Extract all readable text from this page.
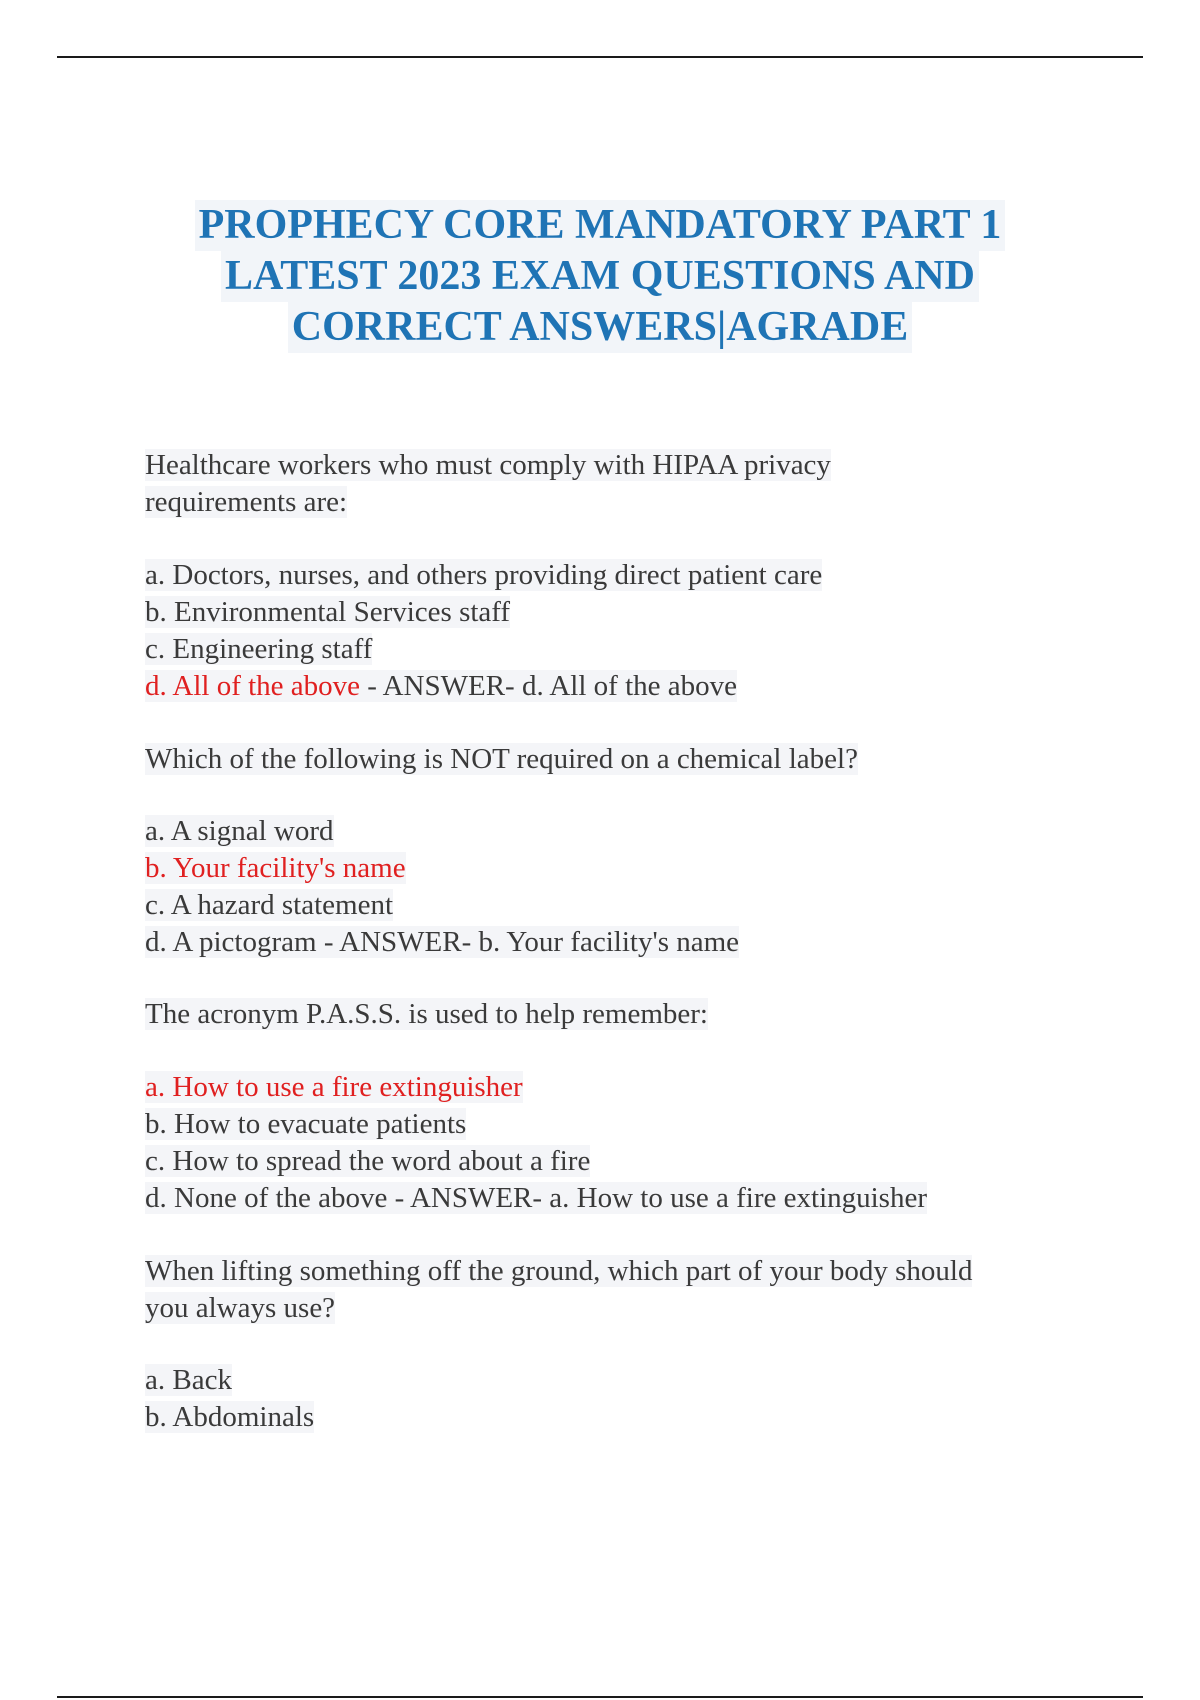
PROPHECY CORE MANDATORY PART 1
LATEST 2023 EXAM QUESTIONS AND
CORRECT ANSWERS|AGRADE
Healthcare workers who must comply with HIPAA privacy
requirements are:
a. Doctors, nurses, and others providing direct patient care
b. Environmental Services staff
c. Engineering staff
d. All of the above - ANSWER- d. All of the above
Which of the following is NOT required on a chemical label?
a. A signal word
b. Your facility's name
c. A hazard statement
d. A pictogram - ANSWER- b. Your facility's name
The acronym P.A.S.S. is used to help remember:
a. How to use a fire extinguisher
b. How to evacuate patients
c. How to spread the word about a fire
d. None of the above - ANSWER- a. How to use a fire extinguisher
When lifting something off the ground, which part of your body should
you always use?
a. Back
b. Abdominals
